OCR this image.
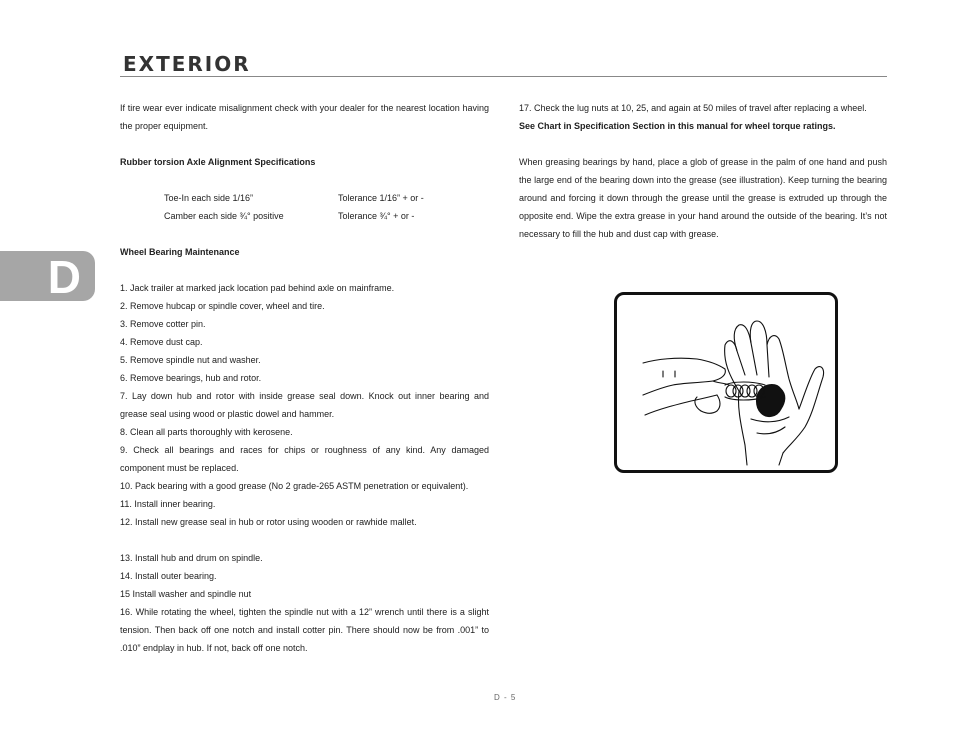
EXTERIOR
D

If tire wear ever indicate misalignment check with your dealer for the nearest location having the proper equipment.

Rubber torsion Axle Alignment Specifications

Toe-In each side 1/16”	Tolerance 1/16” + or -
Camber each side ¾° positive	Tolerance ¾° + or -

Wheel Bearing Maintenance

1. Jack trailer at marked jack location pad behind axle on mainframe.

2. Remove hubcap or spindle cover, wheel and tire.

3. Remove cotter pin.

4. Remove dust cap.

5. Remove spindle nut and washer.

6. Remove bearings, hub and rotor.

7. Lay down hub and rotor with inside grease seal down. Knock out inner bearing and grease seal using wood or plastic dowel and hammer.

8. Clean all parts thoroughly with kerosene.

9. Check all bearings and races for chips or roughness of any kind. Any damaged component must be replaced.

10. Pack bearing with a good grease (No 2 grade-265 ASTM penetration or equivalent).

11. Install inner bearing.

12. Install new grease seal in hub or rotor using wooden or rawhide mallet.

13. Install hub and drum on spindle.

14. Install outer bearing.

15 Install washer and spindle nut

16. While rotating the wheel, tighten the spindle nut with a 12” wrench until there is a slight tension. Then back off one notch and install cotter pin. There should now be from .001” to .010” endplay in hub. If not, back off one notch.

17. Check the lug nuts at 10, 25, and again at 50 miles of travel after replacing a wheel.

See Chart in Specification Section in this manual for wheel torque ratings.

When greasing bearings by hand, place a glob of grease in the palm of one hand and push the large end of the bearing down into the grease (see illustration). Keep turning the bearing around and forcing it down through the grease until the grease is extruded up through the opposite end. Wipe the extra grease in your hand around the outside of the bearing. It’s not necessary to fill the hub and dust cap with grease.

D - 5
